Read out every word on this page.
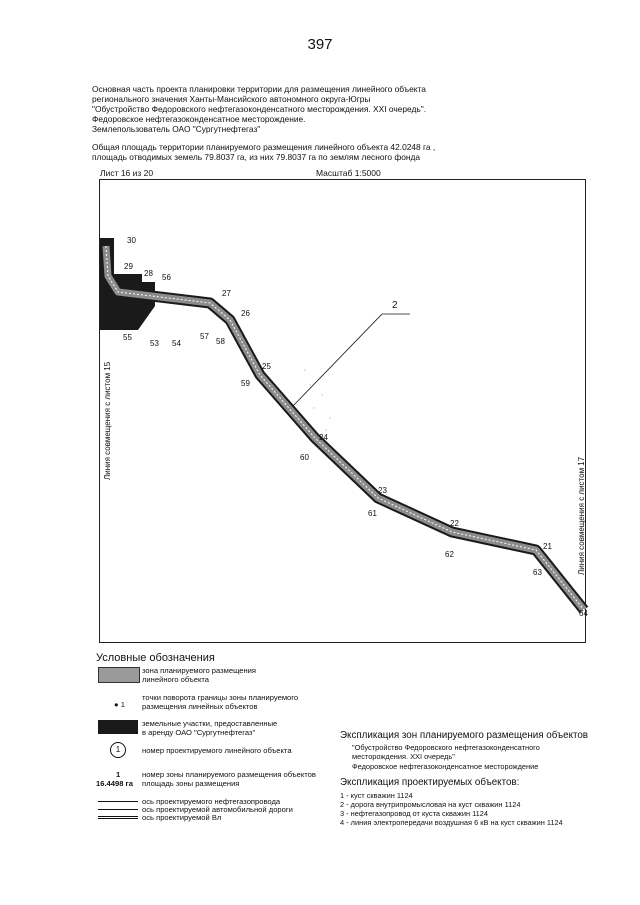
397
Основная часть проекта планировки территории для размещения линейного объекта
регионального значения Ханты-Мансийского автономного округа-Югры
"Обустройство Федоровского нефтегазоконденсатного месторождения. XXI очередь".
Федоровское нефтегазоконденсатное месторождение.
Землепользователь ОАО "Сургутнефтегаз"
Общая площадь территории планируемого размещения линейного объекта 42.0248 га ,
площадь отводимых земель 79.8037 га, из них 79.8037 га по землям лесного фонда
Лист 16 из 20	Масштаб 1:5000
30
29
28 56
55
53 54
27
57
26
58
25
59
24
60
23
61
22
62
21
63
64
2
Линия совмещения с листом 15
Линия совмещения с листом 17
Условные обозначения
зона планируемого размещения
линейного объекта
● 1
точки поворота границы зоны планируемого
размещения линейных объектов
земельные участки, предоставленные
в аренду ОАО "Сургутнефтегаз"
1	номер проектируемого линейного объекта
1
16.4498 га
номер зоны планируемого размещения объектов
площадь зоны размещения
ось проектируемого нефтегазопровода
ось проектируемой автомобильной дороги
ось проектируемой Вл
Экспликация зон планируемого размещения объектов
"Обустройство Федоровского нефтегазоконденсатного
месторождения. XXI очередь"
Федоровское нефтегазоконденсатное месторождение
Экспликация проектируемых объектов:
1 - куст скважин 1124
2 - дорога внутрипромысловая на куст скважин 1124
3 - нефтегазопровод от куста скважин 1124
4 - линия электропередачи воздушная 6 кВ на куст скважин 1124
